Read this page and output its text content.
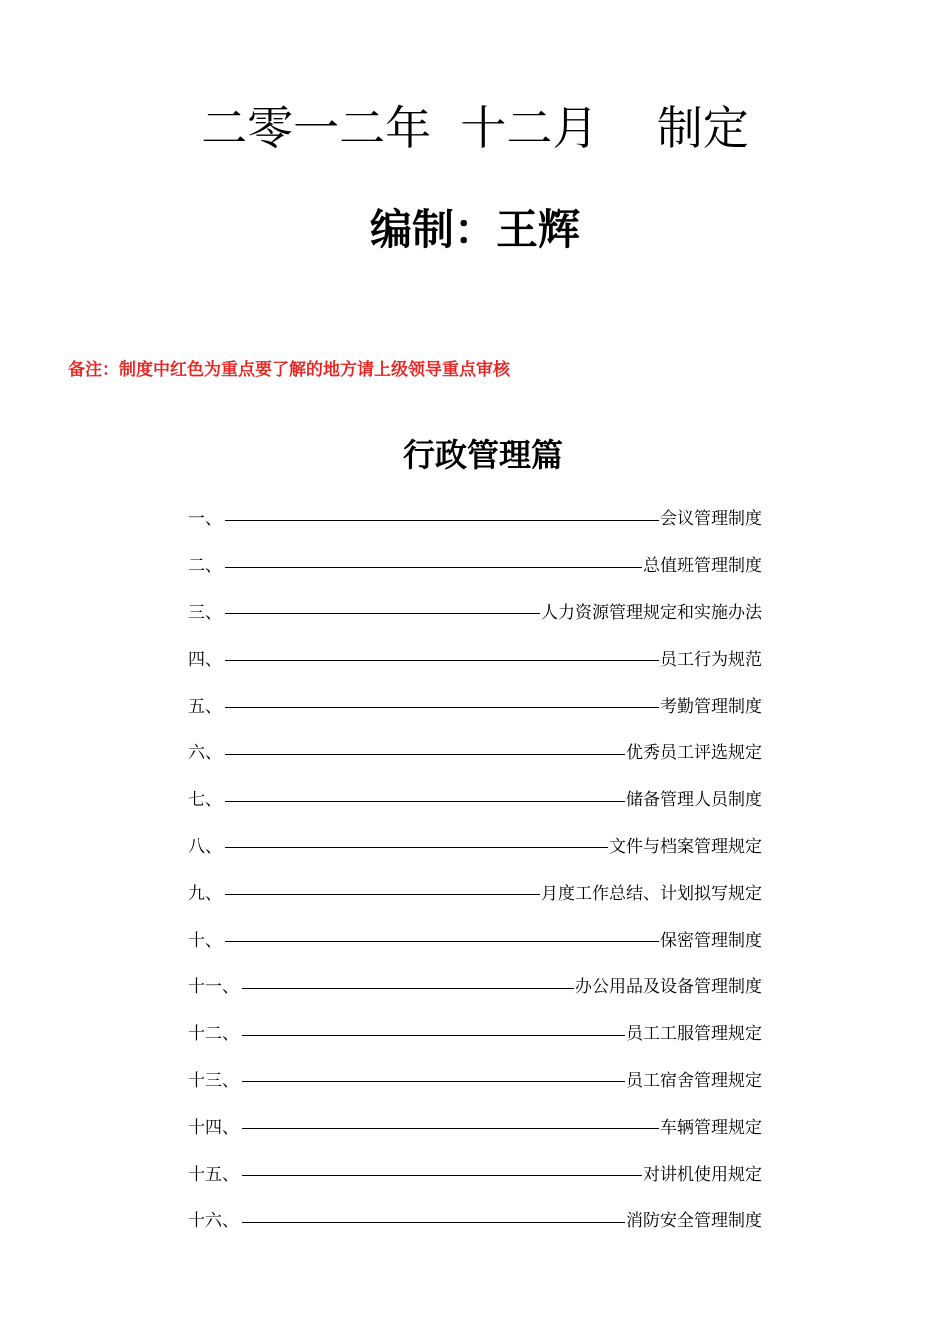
二零一二年  十二月    制定
编制：王辉
备注：制度中红色为重点要了解的地方请上级领导重点审核
行政管理篇
一、	会议管理制度
二、	总值班管理制度
三、	人力资源管理规定和实施办法
四、	员工行为规范
五、	考勤管理制度
六、	优秀员工评选规定
七、	储备管理人员制度
八、	文件与档案管理规定
九、	月度工作总结、计划拟写规定
十、	保密管理制度
十一、	办公用品及设备管理制度
十二、	员工工服管理规定
十三、	员工宿舍管理规定
十四、	车辆管理规定
十五、	对讲机使用规定
十六、	消防安全管理制度
